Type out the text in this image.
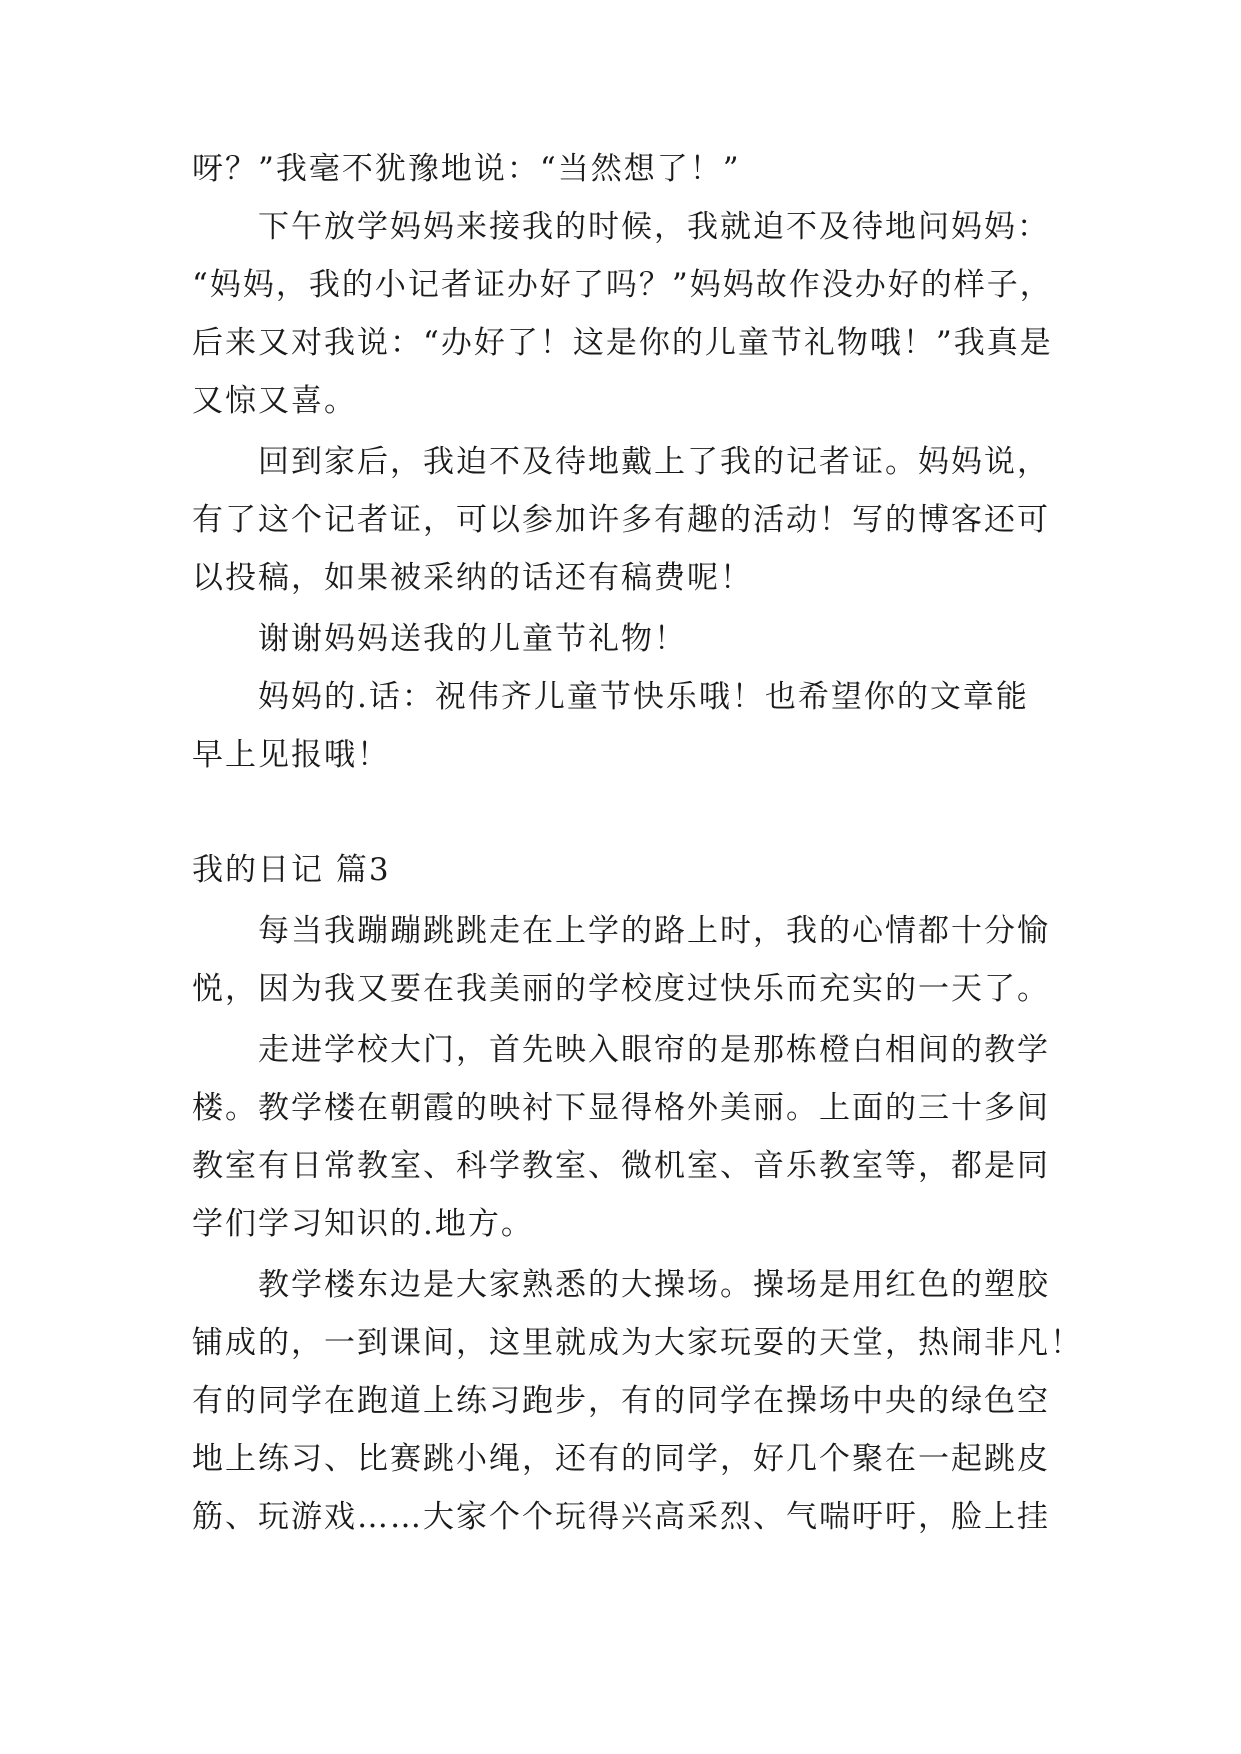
呀？”我毫不犹豫地说：“当然想了！”
下午放学妈妈来接我的时候，我就迫不及待地问妈妈：
“妈妈，我的小记者证办好了吗？”妈妈故作没办好的样子，
后来又对我说：“办好了！这是你的儿童节礼物哦！”我真是
又惊又喜。
回到家后，我迫不及待地戴上了我的记者证。妈妈说，
有了这个记者证，可以参加许多有趣的活动！写的博客还可
以投稿，如果被采纳的话还有稿费呢！
谢谢妈妈送我的儿童节礼物！
妈妈的.话：祝伟齐儿童节快乐哦！也希望你的文章能
早上见报哦！
我的日记 篇3
每当我蹦蹦跳跳走在上学的路上时，我的心情都十分愉
悦，因为我又要在我美丽的学校度过快乐而充实的一天了。
走进学校大门，首先映入眼帘的是那栋橙白相间的教学
楼。教学楼在朝霞的映衬下显得格外美丽。上面的三十多间
教室有日常教室、科学教室、微机室、音乐教室等，都是同
学们学习知识的.地方。
教学楼东边是大家熟悉的大操场。操场是用红色的塑胶
铺成的，一到课间，这里就成为大家玩耍的天堂，热闹非凡！
有的同学在跑道上练习跑步，有的同学在操场中央的绿色空
地上练习、比赛跳小绳，还有的同学，好几个聚在一起跳皮
筋、玩游戏……大家个个玩得兴高采烈、气喘吁吁，脸上挂
